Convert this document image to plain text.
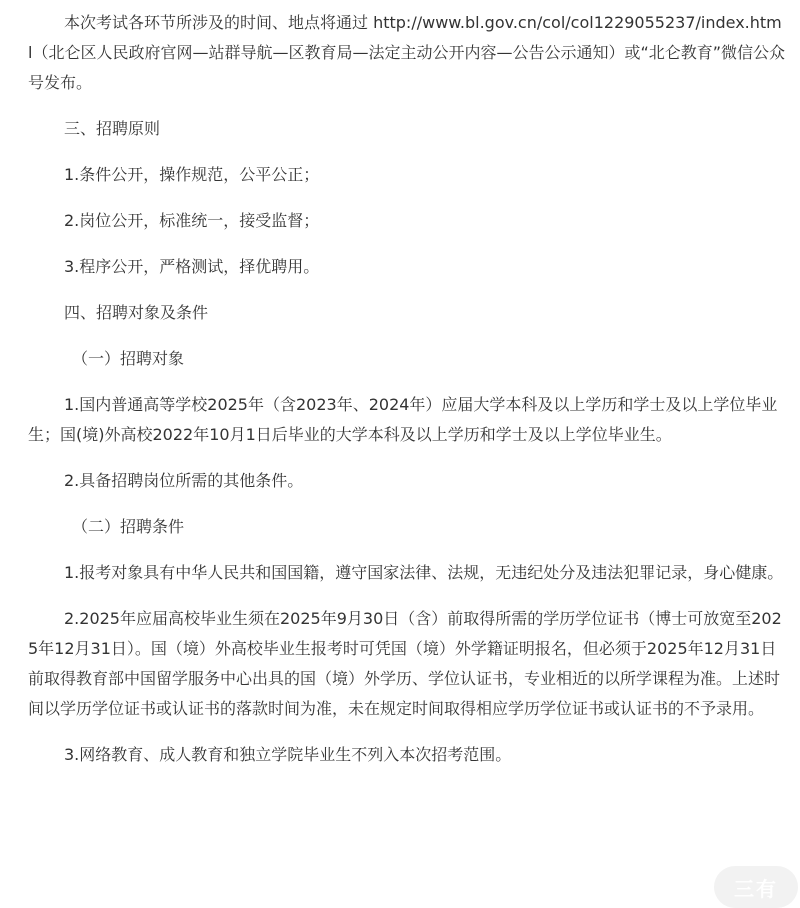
本次考试各环节所涉及的时间、地点将通过 http://www.bl.gov.cn/col/col1229055237/index.html（北仑区人民政府官网—站群导航—区教育局—法定主动公开内容—公告公示通知）或“北仑教育”微信公众号发布。

三、招聘原则

1.条件公开，操作规范，公平公正；

2.岗位公开，标准统一，接受监督；

3.程序公开，严格测试，择优聘用。

四、招聘对象及条件

（一）招聘对象

1.国内普通高等学校2025年（含2023年、2024年）应届大学本科及以上学历和学士及以上学位毕业生；国(境)外高校2022年10月1日后毕业的大学本科及以上学历和学士及以上学位毕业生。

2.具备招聘岗位所需的其他条件。

（二）招聘条件

1.报考对象具有中华人民共和国国籍，遵守国家法律、法规，无违纪处分及违法犯罪记录，身心健康。

2.2025年应届高校毕业生须在2025年9月30日（含）前取得所需的学历学位证书（博士可放宽至2025年12月31日）。国（境）外高校毕业生报考时可凭国（境）外学籍证明报名，但必须于2025年12月31日前取得教育部中国留学服务中心出具的国（境）外学历、学位认证书，专业相近的以所学课程为准。上述时间以学历学位证书或认证书的落款时间为准，未在规定时间取得相应学历学位证书或认证书的不予录用。

3.网络教育、成人教育和独立学院毕业生不列入本次招考范围。

三有
